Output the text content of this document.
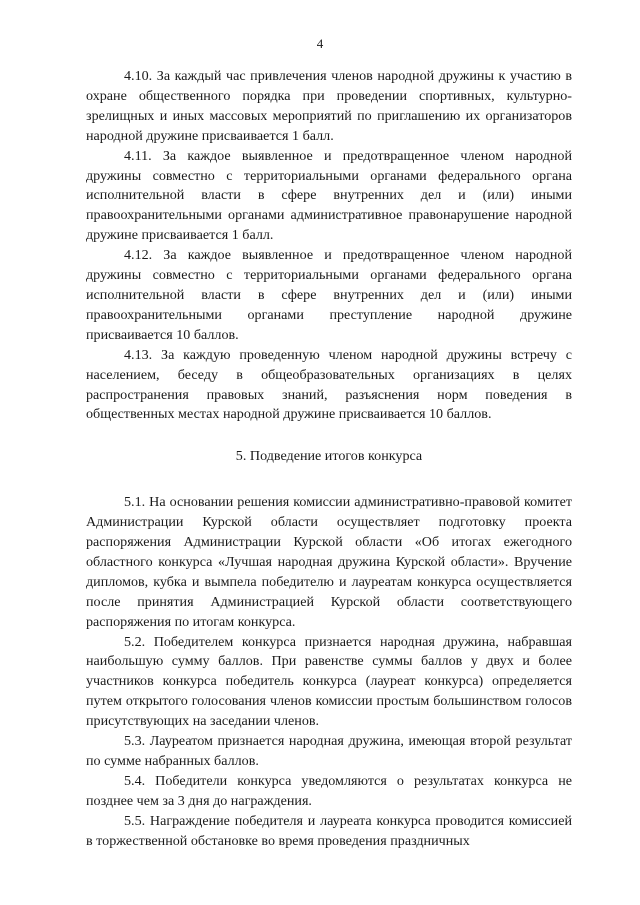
4

4.10. За каждый час привлечения членов народной дружины к участию в охране общественного порядка при проведении спортивных, культурно-зрелищных и иных массовых мероприятий по приглашению их организаторов народной дружине присваивается 1 балл.

4.11. За каждое выявленное и предотвращенное членом народной дружины совместно с территориальными органами федерального органа исполнительной власти в сфере внутренних дел и (или) иными правоохранительными органами административное правонарушение народной дружине присваивается 1 балл.

4.12. За каждое выявленное и предотвращенное членом народной дружины совместно с территориальными органами федерального органа исполнительной власти в сфере внутренних дел и (или) иными правоохранительными органами преступление народной дружине присваивается 10 баллов.

4.13. За каждую проведенную членом народной дружины встречу с населением, беседу в общеобразовательных организациях в целях распространения правовых знаний, разъяснения норм поведения в общественных местах народной дружине присваивается 10 баллов.

5. Подведение итогов конкурса

5.1. На основании решения комиссии административно-правовой комитет Администрации Курской области осуществляет подготовку проекта распоряжения Администрации Курской области «Об итогах ежегодного областного конкурса «Лучшая народная дружина Курской области». Вручение дипломов, кубка и вымпела победителю и лауреатам конкурса осуществляется после принятия Администрацией Курской области соответствующего распоряжения по итогам конкурса.

5.2. Победителем конкурса признается народная дружина, набравшая наибольшую сумму баллов. При равенстве суммы баллов у двух и более участников конкурса победитель конкурса (лауреат конкурса) определяется путем открытого голосования членов комиссии простым большинством голосов присутствующих на заседании членов.

5.3. Лауреатом признается народная дружина, имеющая второй результат по сумме набранных баллов.

5.4. Победители конкурса уведомляются о результатах конкурса не позднее чем за 3 дня до награждения.

5.5. Награждение победителя и лауреата конкурса проводится комиссией в торжественной обстановке во время проведения праздничных
